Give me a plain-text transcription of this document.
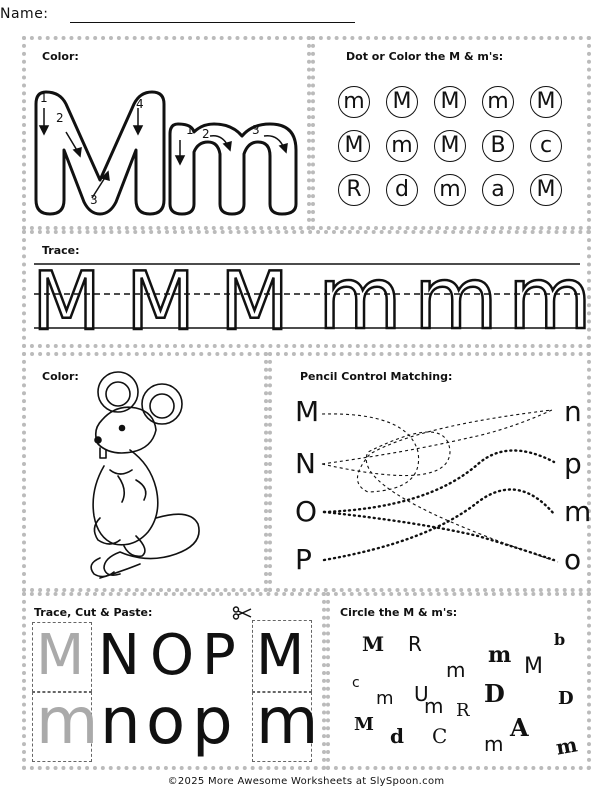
Name:
Color:
1
2
3
4
1 2	3
Dot or Color the M & m's:
m M M m M
M m M B c
R d m a M
Trace:
M M M m m m
Color:	Pencil Control Matching:
M
N
O
P
n
p
m
o
Trace, Cut & Paste:
M
m
N O P
n o p
M
m
Circle the M & m's:
M R	b
m
c
m	M
m U
m D
R
D
M d C m
A
m
©2025 More Awesome Worksheets at SlySpoon.com
